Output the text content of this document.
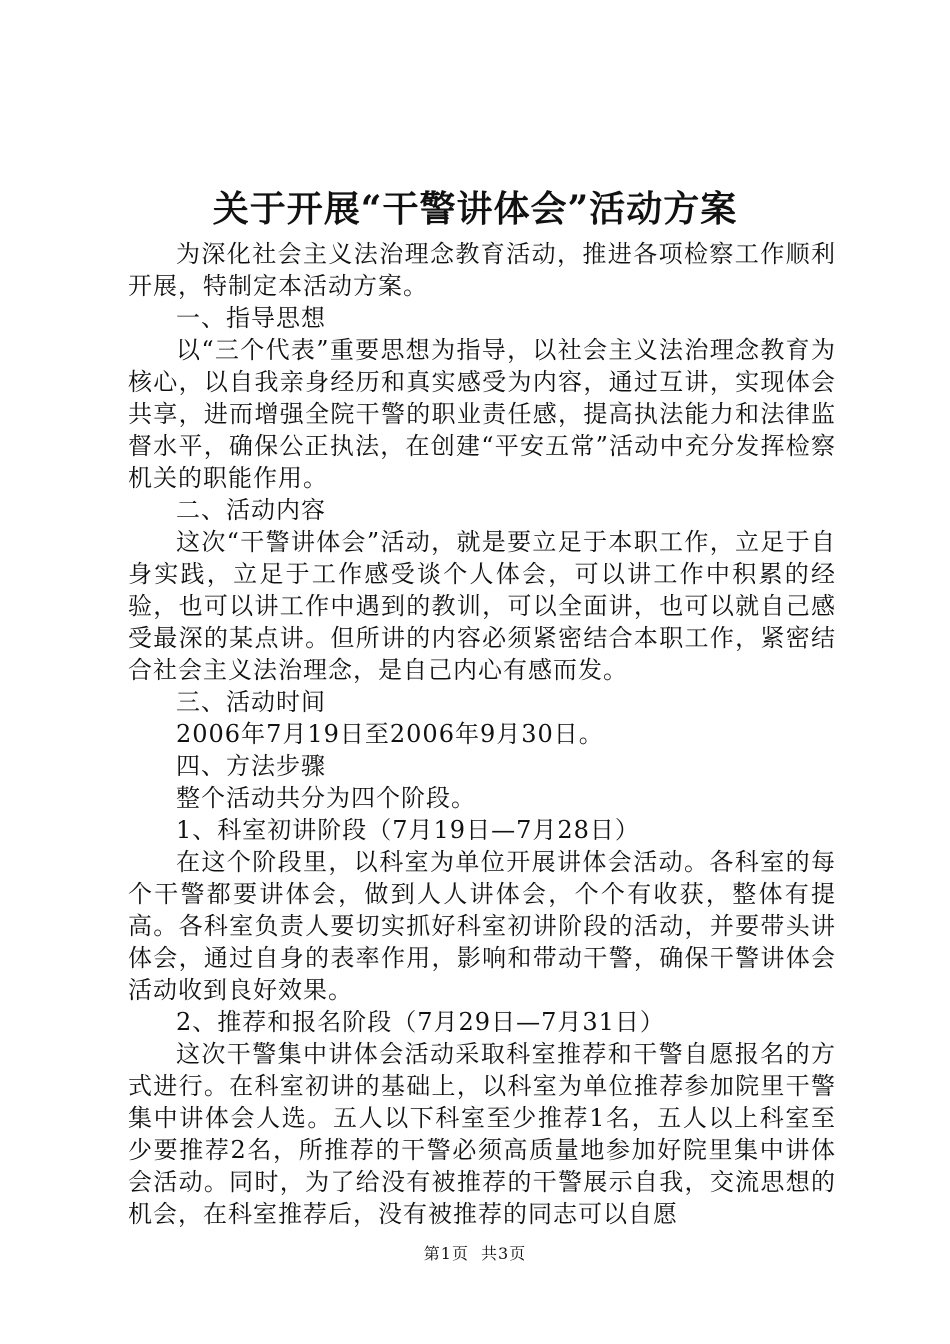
关于开展“干警讲体会”活动方案

为深化社会主义法治理念教育活动，推进各项检察工作顺利开展，特制定本活动方案。

一、指导思想

以“三个代表”重要思想为指导，以社会主义法治理念教育为核心，以自我亲身经历和真实感受为内容，通过互讲，实现体会共享，进而增强全院干警的职业责任感，提高执法能力和法律监督水平，确保公正执法，在创建“平安五常”活动中充分发挥检察机关的职能作用。

二、活动内容

这次“干警讲体会”活动，就是要立足于本职工作，立足于自身实践，立足于工作感受谈个人体会，可以讲工作中积累的经验，也可以讲工作中遇到的教训，可以全面讲，也可以就自己感受最深的某点讲。但所讲的内容必须紧密结合本职工作，紧密结合社会主义法治理念，是自己内心有感而发。

三、活动时间

2006年7月19日至2006年9月30日。

四、方法步骤

整个活动共分为四个阶段。

1、科室初讲阶段（7月19日—7月28日）

在这个阶段里，以科室为单位开展讲体会活动。各科室的每个干警都要讲体会，做到人人讲体会，个个有收获，整体有提高。各科室负责人要切实抓好科室初讲阶段的活动，并要带头讲体会，通过自身的表率作用，影响和带动干警，确保干警讲体会活动收到良好效果。

2、推荐和报名阶段（7月29日—7月31日）

这次干警集中讲体会活动采取科室推荐和干警自愿报名的方式进行。在科室初讲的基础上，以科室为单位推荐参加院里干警集中讲体会人选。五人以下科室至少推荐1名，五人以上科室至少要推荐2名，所推荐的干警必须高质量地参加好院里集中讲体会活动。同时，为了给没有被推荐的干警展示自我，交流思想的机会，在科室推荐后，没有被推荐的同志可以自愿

第1页 共3页
